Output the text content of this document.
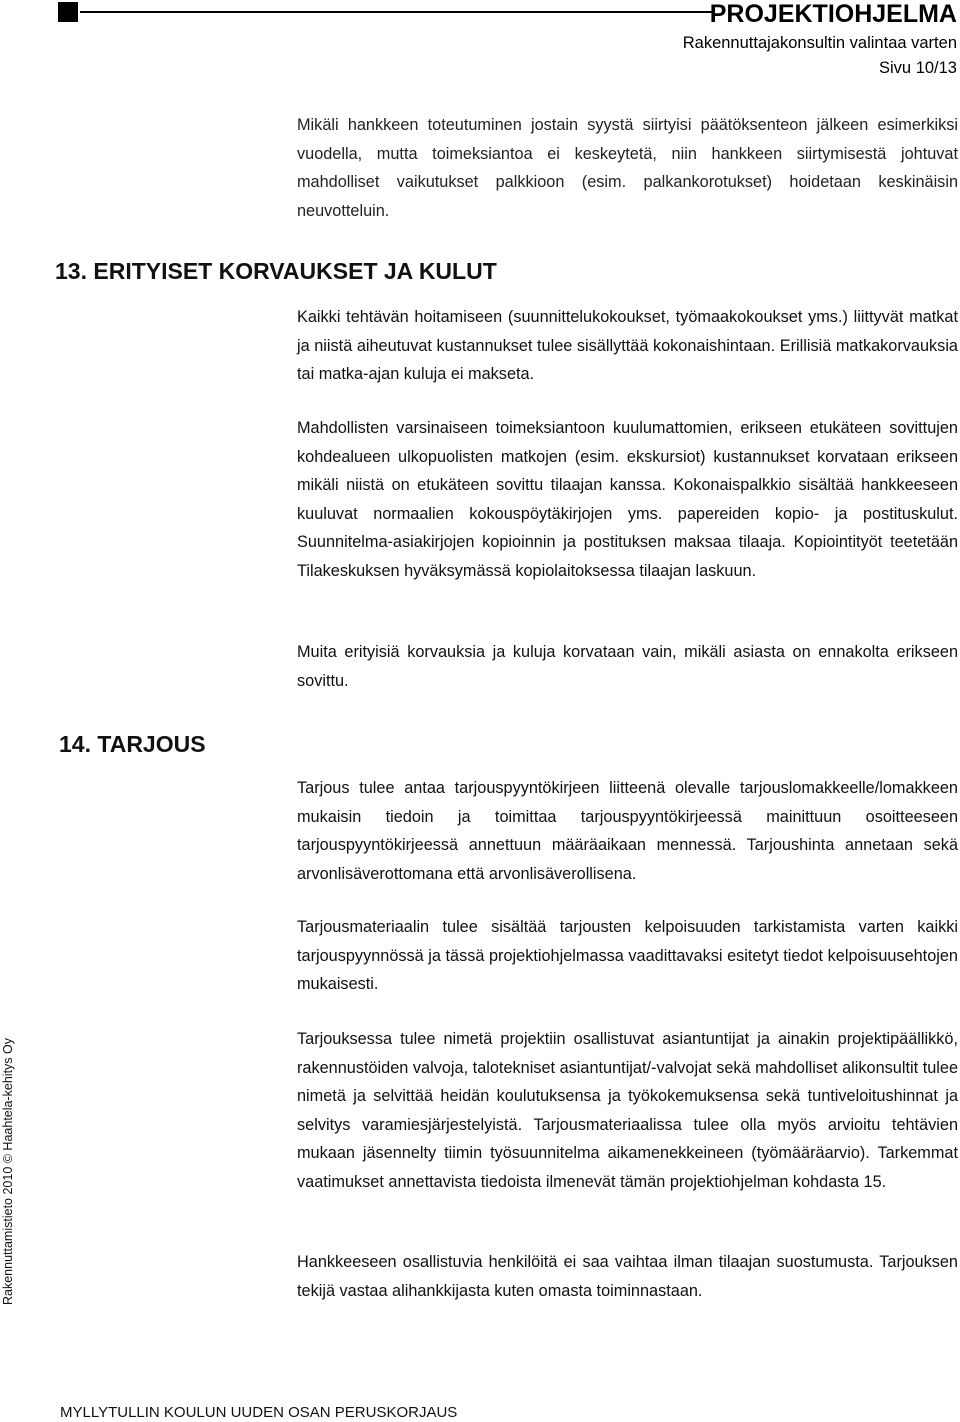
PROJEKTIOHJELMA
Rakennuttajakonsultin valintaa varten
Sivu 10/13

Mikäli hankkeen toteutuminen jostain syystä siirtyisi päätöksenteon jälkeen esimerkiksi vuodella, mutta toimeksiantoa ei keskeytetä, niin hankkeen siirtymisestä johtuvat mahdolliset vaikutukset palkkioon (esim. palkankorotukset) hoidetaan keskinäisin neuvotteluin.

13. ERITYISET KORVAUKSET JA KULUT

Kaikki tehtävän hoitamiseen (suunnittelukokoukset, työmaakokoukset yms.) liittyvät matkat ja niistä aiheutuvat kustannukset tulee sisällyttää kokonaishintaan. Erillisiä matkakorvauksia tai matka-ajan kuluja ei makseta.

Mahdollisten varsinaiseen toimeksiantoon kuulumattomien, erikseen etukäteen sovittujen kohdealueen ulkopuolisten matkojen (esim. ekskursiot) kustannukset korvataan erikseen mikäli niistä on etukäteen sovittu tilaajan kanssa. Kokonaispalkkio sisältää hankkeeseen kuuluvat normaalien kokouspöytäkirjojen yms. papereiden kopio- ja postituskulut. Suunnitelma-asiakirjojen kopioinnin ja postituksen maksaa tilaaja. Kopiointityöt teetetään Tilakeskuksen hyväksymässä kopiolaitoksessa tilaajan laskuun.

Muita erityisiä korvauksia ja kuluja korvataan vain, mikäli asiasta on ennakolta erikseen sovittu.

14. TARJOUS

Tarjous tulee antaa tarjouspyyntökirjeen liitteenä olevalle tarjouslomakkeelle/lomakkeen mukaisin tiedoin ja toimittaa tarjouspyyntökirjeessä mainittuun osoitteeseen tarjouspyyntökirjeessä annettuun määräaikaan mennessä. Tarjoushinta annetaan sekä arvonlisäverottomana että arvonlisäverollisena.

Tarjousmateriaalin tulee sisältää tarjousten kelpoisuuden tarkistamista varten kaikki tarjouspyynnössä ja tässä projektiohjelmassa vaadittavaksi esitetyt tiedot kelpoisuusehtojen mukaisesti.

Tarjouksessa tulee nimetä projektiin osallistuvat asiantuntijat ja ainakin projektipäällikkö, rakennustöiden valvoja, talotekniset asiantuntijat/-valvojat sekä mahdolliset alikonsultit tulee nimetä ja selvittää heidän koulutuksensa ja työkokemuksensa sekä tuntiveloitushinnat ja selvitys varamiesjärjestelyistä. Tarjousmateriaalissa tulee olla myös arvioitu tehtävien mukaan jäsennelty tiimin työsuunnitelma aikamenekkeineen (työmääräarvio). Tarkemmat vaatimukset annettavista tiedoista ilmenevät tämän projektiohjelman kohdasta 15.

Hankkeeseen osallistuvia henkilöitä ei saa vaihtaa ilman tilaajan suostumusta. Tarjouksen tekijä vastaa alihankkijasta kuten omasta toiminnastaan.

Rakennuttamistieto 2010 © Haahtela-kehitys Oy
MYLLYTULLIN KOULUN UUDEN OSAN PERUSKORJAUS
